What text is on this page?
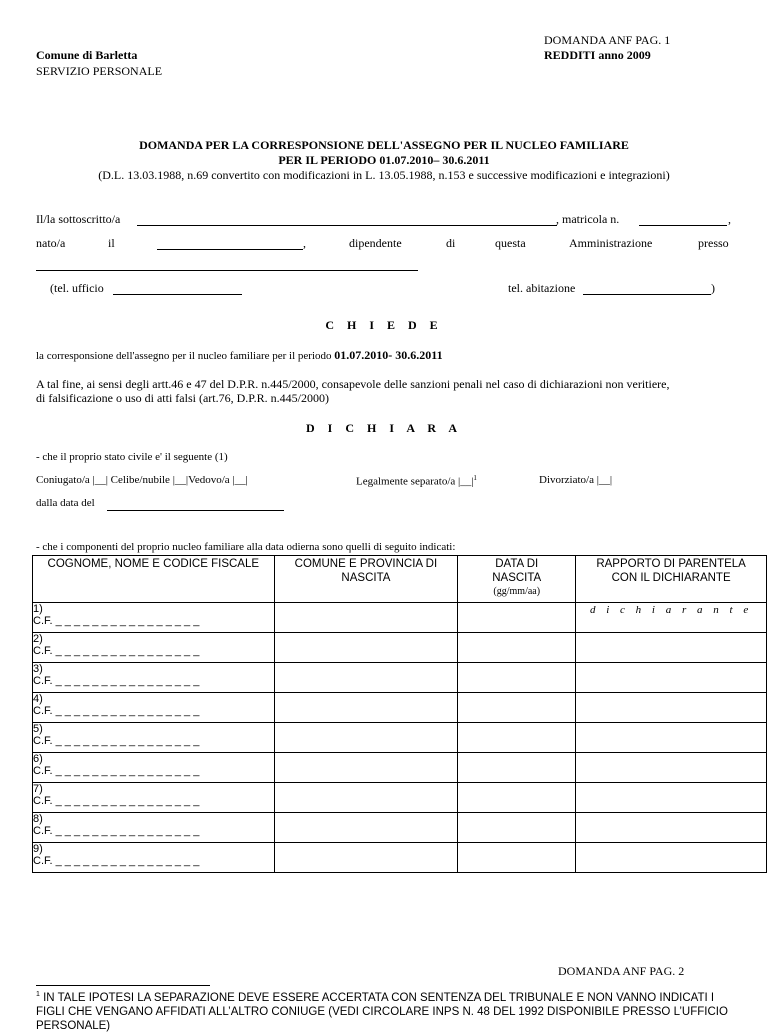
DOMANDA ANF PAG. 1
Comune di Barletta	REDDITI anno 2009
SERVIZIO PERSONALE
DOMANDA PER LA CORRESPONSIONE DELL'ASSEGNO PER IL NUCLEO FAMILIARE
PER IL PERIODO 01.07.2010– 30.6.2011
(D.L. 13.03.1988, n.69 convertito con modificazioni in L. 13.05.1988, n.153 e successive modificazioni e integrazioni)
Il/la sottoscritto/a	, matricola n.	,
nato/a	il	,	dipendente	di	questa	Amministrazione	presso
(tel. ufficio	tel. abitazione	)
C H I E D E
la corresponsione dell'assegno per il nucleo familiare per il periodo 01.07.2010- 30.6.2011
A tal fine, ai sensi degli artt.46 e 47 del D.P.R. n.445/2000, consapevole delle sanzioni penali nel caso di dichiarazioni non veritiere,
di falsificazione o uso di atti falsi (art.76, D.P.R. n.445/2000)
D I C H I A R A
- che il proprio stato civile e' il seguente (1)
Coniugato/a |__| Celibe/nubile |__|Vedovo/a |__|	Legalmente separato/a $|\_\_|^1$	Divorziato/a |__|
dalla data del
- che i componenti del proprio nucleo familiare alla data odierna sono quelli di seguito indicati:
COGNOME, NOME E CODICE FISCALE	COMUNE E PROVINCIA DI NASCITA	DATA DI NASCITA
(gg/mm/aa)	RAPPORTO DI PARENTELA CON IL DICHIARANTE

1)
C.F. _ _ _ _ _ _ _ _ _ _ _ _ _ _ _ _			d i c h i a r a n t e

2)
C.F. _ _ _ _ _ _ _ _ _ _ _ _ _ _ _ _			

3)
C.F. _ _ _ _ _ _ _ _ _ _ _ _ _ _ _ _			

4)
C.F. _ _ _ _ _ _ _ _ _ _ _ _ _ _ _ _			

5)
C.F. _ _ _ _ _ _ _ _ _ _ _ _ _ _ _ _			

6)
C.F. _ _ _ _ _ _ _ _ _ _ _ _ _ _ _ _			

7)
C.F. _ _ _ _ _ _ _ _ _ _ _ _ _ _ _ _			

8)
C.F. _ _ _ _ _ _ _ _ _ _ _ _ _ _ _ _			

9)
C.F. _ _ _ _ _ _ _ _ _ _ _ _ _ _ _ _			

DOMANDA ANF PAG. 2
$^1$ IN TALE IPOTESI LA SEPARAZIONE DEVE ESSERE ACCERTATA CON SENTENZA DEL TRIBUNALE E NON VANNO INDICATI I FIGLI CHE VENGANO AFFIDATI ALL’ALTRO CONIUGE (VEDI CIRCOLARE INPS N. 48 DEL 1992 DISPONIBILE PRESSO L’UFFICIO PERSONALE)
